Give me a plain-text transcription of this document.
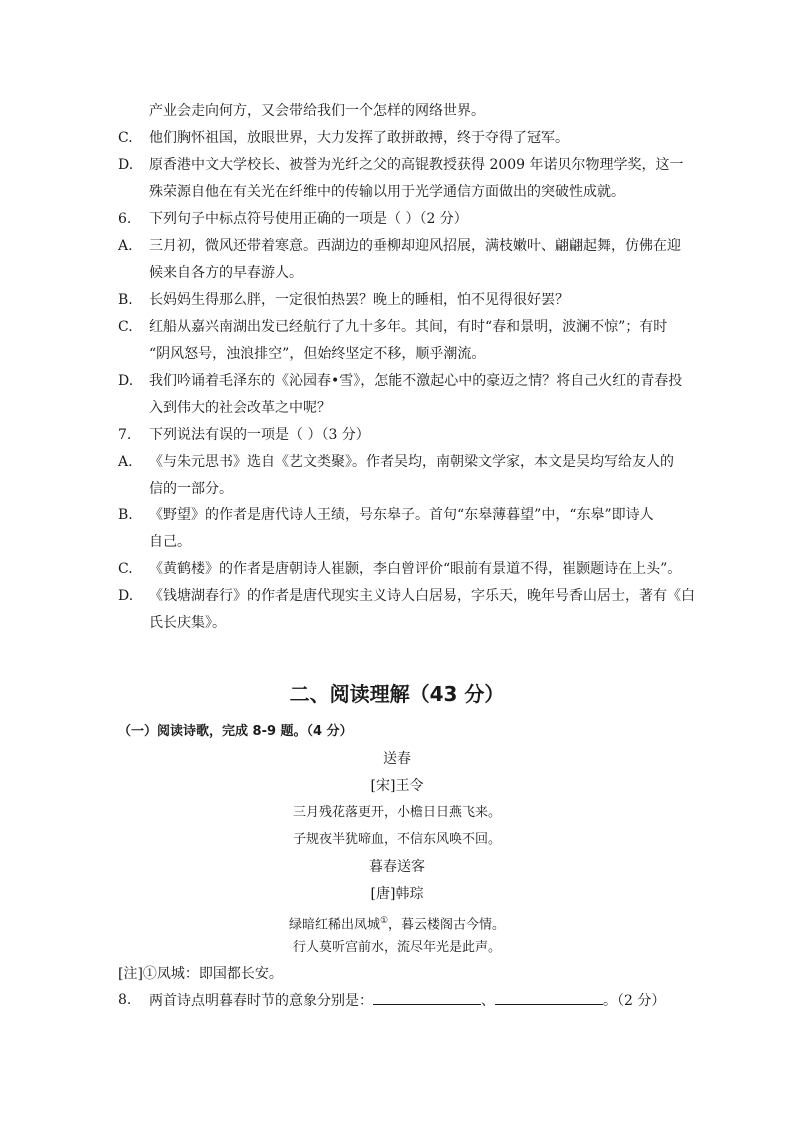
产业会走向何方，又会带给我们一个怎样的网络世界。
C. 他们胸怀祖国，放眼世界，大力发挥了敢拼敢搏，终于夺得了冠军。
D. 原香港中文大学校长、被誉为光纤之父的高锟教授获得 2009 年诺贝尔物理学奖，这一
殊荣源自他在有关光在纤维中的传输以用于光学通信方面做出的突破性成就。
6. 下列句子中标点符号使用正确的一项是（ ）（2 分）
A. 三月初，微风还带着寒意。西湖边的垂柳却迎风招展，满枝嫩叶、翩翩起舞，仿佛在迎
候来自各方的早春游人。
B. 长妈妈生得那么胖，一定很怕热罢？晚上的睡相，怕不见得很好罢？
C. 红船从嘉兴南湖出发已经航行了九十多年。其间，有时“春和景明，波澜不惊”；有时
“阴风怒号，浊浪排空”，但始终坚定不移，顺乎潮流。
D. 我们吟诵着毛泽东的《沁园春•雪》，怎能不激起心中的豪迈之情？将自己火红的青春投
入到伟大的社会改革之中呢？
7. 下列说法有误的一项是（ ）（3 分）
A. 《与朱元思书》选自《艺文类聚》。作者吴均，南朝梁文学家，本文是吴均写给友人的
信的一部分。
B. 《野望》的作者是唐代诗人王绩，号东皋子。首句“东皋薄暮望”中，“东皋”即诗人
自己。
C. 《黄鹤楼》的作者是唐朝诗人崔颢，李白曾评价“眼前有景道不得，崔颢题诗在上头”。
D. 《钱塘湖春行》的作者是唐代现实主义诗人白居易，字乐天，晚年号香山居士，著有《白
氏长庆集》。
二、阅读理解（43 分）
（一）阅读诗歌，完成 8-9 题。（4 分）
送春
[宋]王令
三月残花落更开，小檐日日燕飞来。
子规夜半犹啼血，不信东风唤不回。
暮春送客
[唐]韩琮
绿暗红稀出凤城①，暮云楼阁古今情。
行人莫听宫前水，流尽年光是此声。
[注]①凤城：即国都长安。
8. 两首诗点明暮春时节的意象分别是：	、	。（2 分）
